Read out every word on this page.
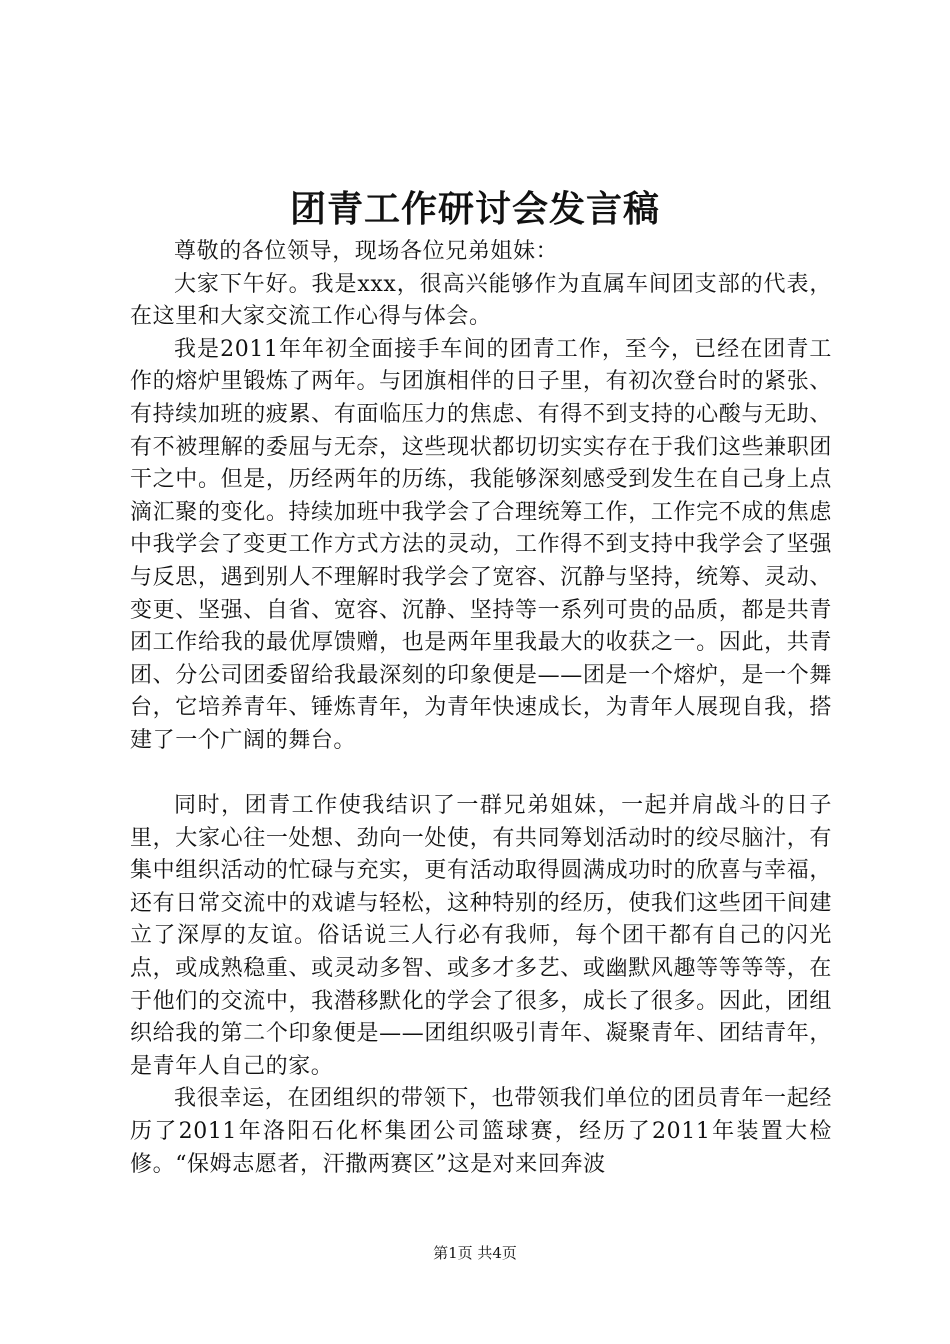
团青工作研讨会发言稿

尊敬的各位领导，现场各位兄弟姐妹：

大家下午好。我是xxx，很高兴能够作为直属车间团支部的代表，在这里和大家交流工作心得与体会。

我是2011年年初全面接手车间的团青工作，至今，已经在团青工作的熔炉里锻炼了两年。与团旗相伴的日子里，有初次登台时的紧张、有持续加班的疲累、有面临压力的焦虑、有得不到支持的心酸与无助、有不被理解的委屈与无奈，这些现状都切切实实存在于我们这些兼职团干之中。但是，历经两年的历练，我能够深刻感受到发生在自己身上点滴汇聚的变化。持续加班中我学会了合理统筹工作，工作完不成的焦虑中我学会了变更工作方式方法的灵动，工作得不到支持中我学会了坚强与反思，遇到别人不理解时我学会了宽容、沉静与坚持，统筹、灵动、变更、坚强、自省、宽容、沉静、坚持等一系列可贵的品质，都是共青团工作给我的最优厚馈赠，也是两年里我最大的收获之一。因此，共青团、分公司团委留给我最深刻的印象便是——团是一个熔炉，是一个舞台，它培养青年、锤炼青年，为青年快速成长，为青年人展现自我，搭建了一个广阔的舞台。

同时，团青工作使我结识了一群兄弟姐妹，一起并肩战斗的日子里，大家心往一处想、劲向一处使，有共同筹划活动时的绞尽脑汁，有集中组织活动的忙碌与充实，更有活动取得圆满成功时的欣喜与幸福，还有日常交流中的戏谑与轻松，这种特别的经历，使我们这些团干间建立了深厚的友谊。俗话说三人行必有我师，每个团干都有自己的闪光点，或成熟稳重、或灵动多智、或多才多艺、或幽默风趣等等等等，在于他们的交流中，我潜移默化的学会了很多，成长了很多。因此，团组织给我的第二个印象便是——团组织吸引青年、凝聚青年、团结青年，是青年人自己的家。

我很幸运，在团组织的带领下，也带领我们单位的团员青年一起经历了2011年洛阳石化杯集团公司篮球赛，经历了2011年装置大检修。“保姆志愿者，汗撒两赛区”这是对来回奔波

第1页 共4页
